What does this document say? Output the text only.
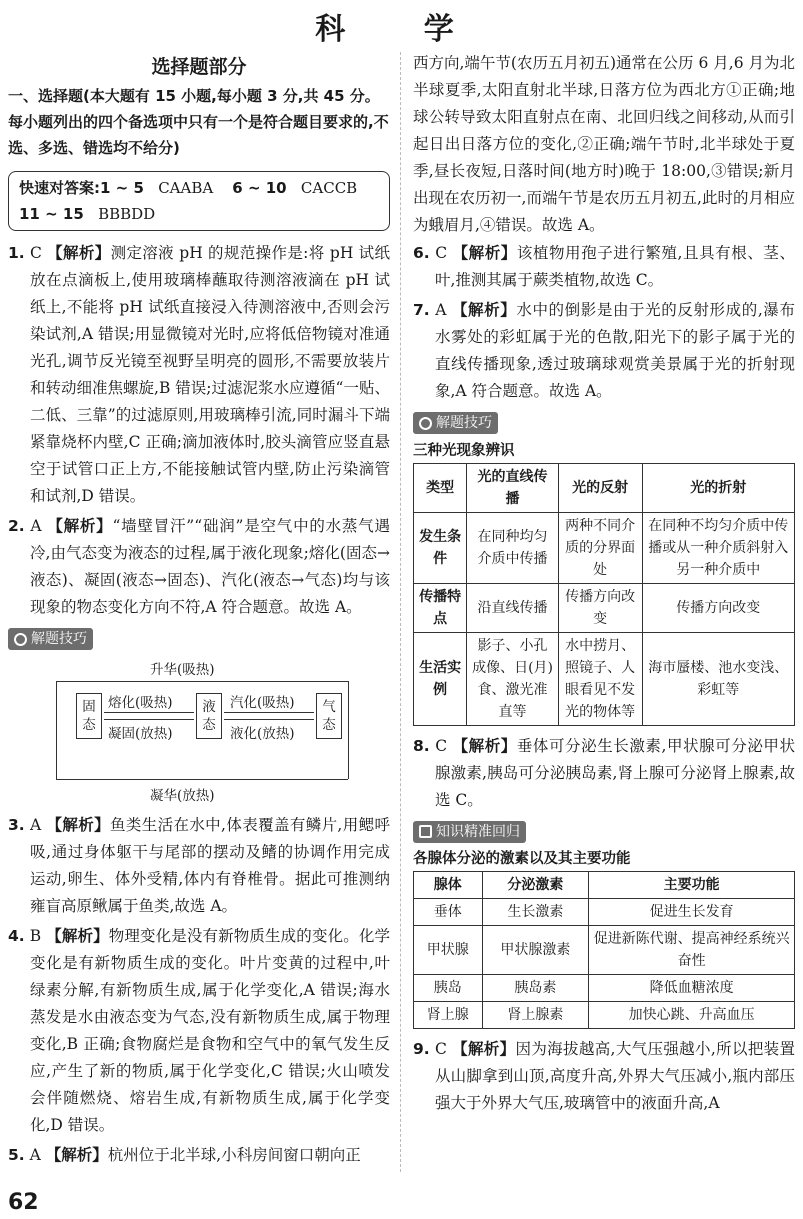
科 学
选择题部分
一、选择题(本大题有 15 小题,每小题 3 分,共 45 分。每小题列出的四个备选项中只有一个是符合题目要求的,不选、多选、错选均不给分)
快速对答案:1 ~ 5 CAABA 6 ~ 10 CACCB
11 ~ 15 BBBDD
1. C 【解析】测定溶液 pH 的规范操作是:将 pH 试纸放在点滴板上,使用玻璃棒蘸取待测溶液滴在 pH 试纸上,不能将 pH 试纸直接浸入待测溶液中,否则会污染试剂,A 错误;用显微镜对光时,应将低倍物镜对准通光孔,调节反光镜至视野呈明亮的圆形,不需要放装片和转动细准焦螺旋,B 错误;过滤泥浆水应遵循“一贴、二低、三靠”的过滤原则,用玻璃棒引流,同时漏斗下端紧靠烧杯内壁,C 正确;滴加液体时,胶头滴管应竖直悬空于试管口正上方,不能接触试管内壁,防止污染滴管和试剂,D 错误。
2. A 【解析】“墙壁冒汗”“础润”是空气中的水蒸气遇冷,由气态变为液态的过程,属于液化现象;熔化(固态→液态)、凝固(液态→固态)、汽化(液态→气态)均与该现象的物态变化方向不符,A 符合题意。故选 A。
解题技巧
升华(吸热)
固态
液态
气态
熔化(吸热)
凝固(放热)
汽化(吸热)
液化(放热)
凝华(放热)
3. A 【解析】鱼类生活在水中,体表覆盖有鳞片,用鳃呼吸,通过身体躯干与尾部的摆动及鳍的协调作用完成运动,卵生、体外受精,体内有脊椎骨。据此可推测纳雍盲高原鳅属于鱼类,故选 A。
4. B 【解析】物理变化是没有新物质生成的变化。化学变化是有新物质生成的变化。叶片变黄的过程中,叶绿素分解,有新物质生成,属于化学变化,A 错误;海水蒸发是水由液态变为气态,没有新物质生成,属于物理变化,B 正确;食物腐烂是食物和空气中的氧气发生反应,产生了新的物质,属于化学变化,C 错误;火山喷发会伴随燃烧、熔岩生成,有新物质生成,属于化学变化,D 错误。
5. A 【解析】杭州位于北半球,小科房间窗口朝向正

西方向,端午节(农历五月初五)通常在公历 6 月,6 月为北半球夏季,太阳直射北半球,日落方位为西北方①正确;地球公转导致太阳直射点在南、北回归线之间移动,从而引起日出日落方位的变化,②正确;端午节时,北半球处于夏季,昼长夜短,日落时间(地方时)晚于 18:00,③错误;新月出现在农历初一,而端午节是农历五月初五,此时的月相应为蛾眉月,④错误。故选 A。

6. C 【解析】该植物用孢子进行繁殖,且具有根、茎、叶,推测其属于蕨类植物,故选 C。
7. A 【解析】水中的倒影是由于光的反射形成的,瀑布水雾处的彩虹属于光的色散,阳光下的影子属于光的直线传播现象,透过玻璃球观赏美景属于光的折射现象,A 符合题意。故选 A。
解题技巧
三种光现象辨识
类型	光的直线传播	光的反射	光的折射
发生条件	在同种均匀介质中传播	两种不同介质的分界面处	在同种不均匀介质中传播或从一种介质斜射入另一种介质中
传播特点	沿直线传播	传播方向改变	传播方向改变
生活实例	影子、小孔成像、日(月)食、激光准直等	水中捞月、照镜子、人眼看见不发光的物体等	海市蜃楼、池水变浅、彩虹等
8. C 【解析】垂体可分泌生长激素,甲状腺可分泌甲状腺激素,胰岛可分泌胰岛素,肾上腺可分泌肾上腺素,故选 C。
知识精准回归
各腺体分泌的激素以及其主要功能
腺体	分泌激素	主要功能
垂体	生长激素	促进生长发育
甲状腺	甲状腺激素	促进新陈代谢、提高神经系统兴奋性
胰岛	胰岛素	降低血糖浓度
肾上腺	肾上腺素	加快心跳、升高血压
9. C 【解析】因为海拔越高,大气压强越小,所以把装置从山脚拿到山顶,高度升高,外界大气压减小,瓶内部压强大于外界大气压,玻璃管中的液面升高,A
62
